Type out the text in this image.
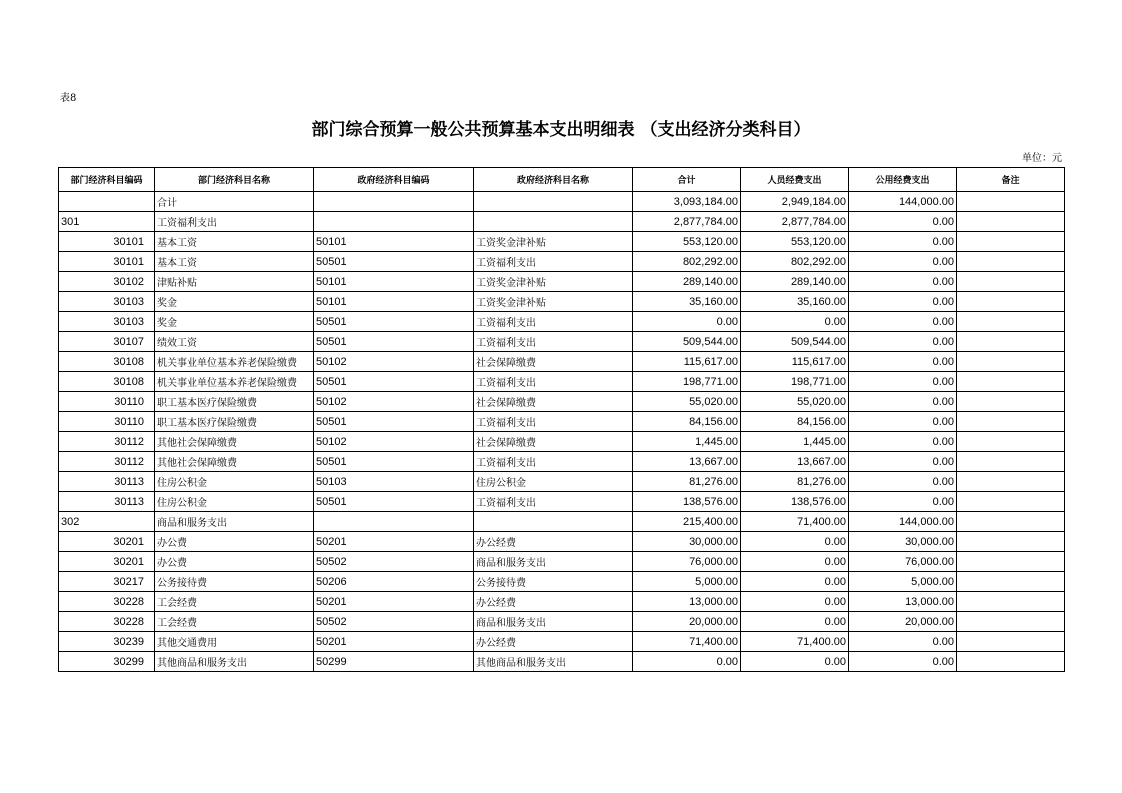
表8
部门综合预算一般公共预算基本支出明细表 （支出经济分类科目）
单位：元
部门经济科目编码	部门经济科目名称	政府经济科目编码	政府经济科目名称	合计	人员经费支出	公用经费支出	备注
	合计			3,093,184.00	2,949,184.00	144,000.00	
301	工资福利支出			2,877,784.00	2,877,784.00	0.00	
30101	基本工资	50101	工资奖金津补贴	553,120.00	553,120.00	0.00	
30101	基本工资	50501	工资福利支出	802,292.00	802,292.00	0.00	
30102	津贴补贴	50101	工资奖金津补贴	289,140.00	289,140.00	0.00	
30103	奖金	50101	工资奖金津补贴	35,160.00	35,160.00	0.00	
30103	奖金	50501	工资福利支出	0.00	0.00	0.00	
30107	绩效工资	50501	工资福利支出	509,544.00	509,544.00	0.00	
30108	机关事业单位基本养老保险缴费	50102	社会保障缴费	115,617.00	115,617.00	0.00	
30108	机关事业单位基本养老保险缴费	50501	工资福利支出	198,771.00	198,771.00	0.00	
30110	职工基本医疗保险缴费	50102	社会保障缴费	55,020.00	55,020.00	0.00	
30110	职工基本医疗保险缴费	50501	工资福利支出	84,156.00	84,156.00	0.00	
30112	其他社会保障缴费	50102	社会保障缴费	1,445.00	1,445.00	0.00	
30112	其他社会保障缴费	50501	工资福利支出	13,667.00	13,667.00	0.00	
30113	住房公积金	50103	住房公积金	81,276.00	81,276.00	0.00	
30113	住房公积金	50501	工资福利支出	138,576.00	138,576.00	0.00	
302	商品和服务支出			215,400.00	71,400.00	144,000.00	
30201	办公费	50201	办公经费	30,000.00	0.00	30,000.00	
30201	办公费	50502	商品和服务支出	76,000.00	0.00	76,000.00	
30217	公务接待费	50206	公务接待费	5,000.00	0.00	5,000.00	
30228	工会经费	50201	办公经费	13,000.00	0.00	13,000.00	
30228	工会经费	50502	商品和服务支出	20,000.00	0.00	20,000.00	
30239	其他交通费用	50201	办公经费	71,400.00	71,400.00	0.00	
30299	其他商品和服务支出	50299	其他商品和服务支出	0.00	0.00	0.00	
